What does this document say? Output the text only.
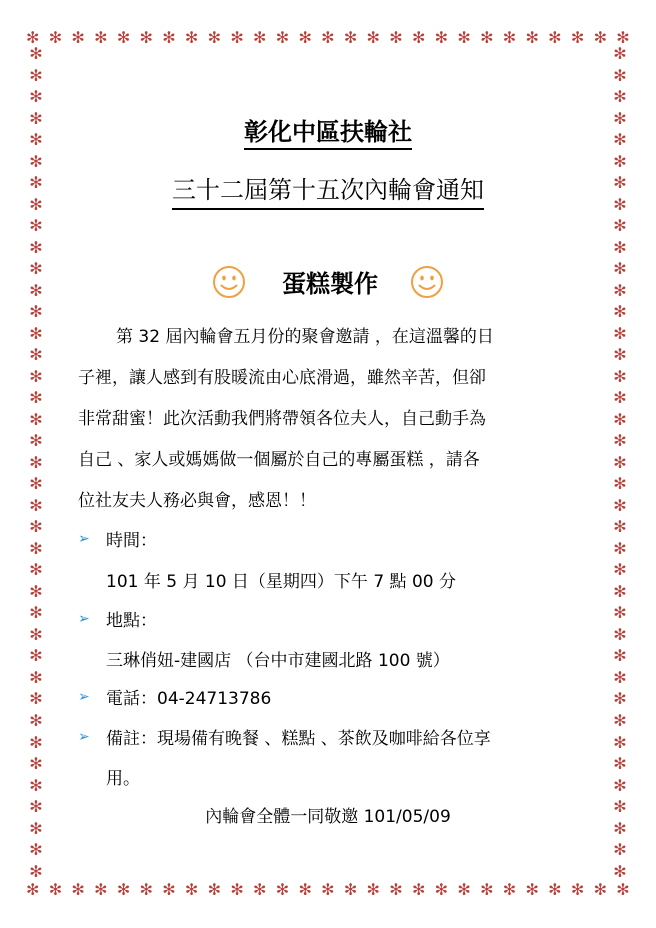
✻ ✻ ✻ ✻ ✻ ✻ ✻ ✻ ✻ ✻ ✻ ✻ ✻ ✻ ✻ ✻ ✻ ✻ ✻ ✻ ✻ ✻ ✻ ✻ ✻ ✻ ✻
✻ ✻ ✻ ✻ ✻ ✻ ✻ ✻ ✻ ✻ ✻ ✻ ✻ ✻ ✻ ✻ ✻ ✻ ✻ ✻ ✻ ✻ ✻ ✻ ✻ ✻ ✻
✻
✻
✻
✻
✻
✻
✻
✻
✻
✻
✻
✻
✻
✻
✻
✻
✻
✻
✻
✻
✻
✻
✻
✻
✻
✻
✻
✻
✻
✻
✻
✻
✻
✻
✻
✻
✻
✻
✻
✻
✻
✻
✻
✻
✻
✻
✻
✻
✻
✻
✻
✻
✻
✻
✻
✻
✻
✻
✻
✻
✻
✻
✻
✻
✻
✻
✻
✻
✻
✻
✻
✻
✻
✻
✻
✻
✻
✻
彰化中區扶輪社
三十二屆第十五次內輪會通知
蛋糕製作
第 32 屆內輪會五月份的聚會邀請 ，在這溫馨的日
子裡，讓人感到有股暖流由心底滑過，雖然辛苦，但卻
非常甜蜜！此次活動我們將帶領各位夫人，自己動手為
自己 、家人或媽媽做一個屬於自己的專屬蛋糕 ，請各
位社友夫人務必與會，感恩！！
➢ 時間：
101 年 5 月 10 日（星期四）下午 7 點 00 分
➢ 地點：
三琳俏妞-建國店 （台中市建國北路 100 號）
➢ 電話：04-24713786
➢ 備註：現場備有晚餐 、糕點 、茶飲及咖啡給各位享
用。
內輪會全體一同敬邀 101/05/09
